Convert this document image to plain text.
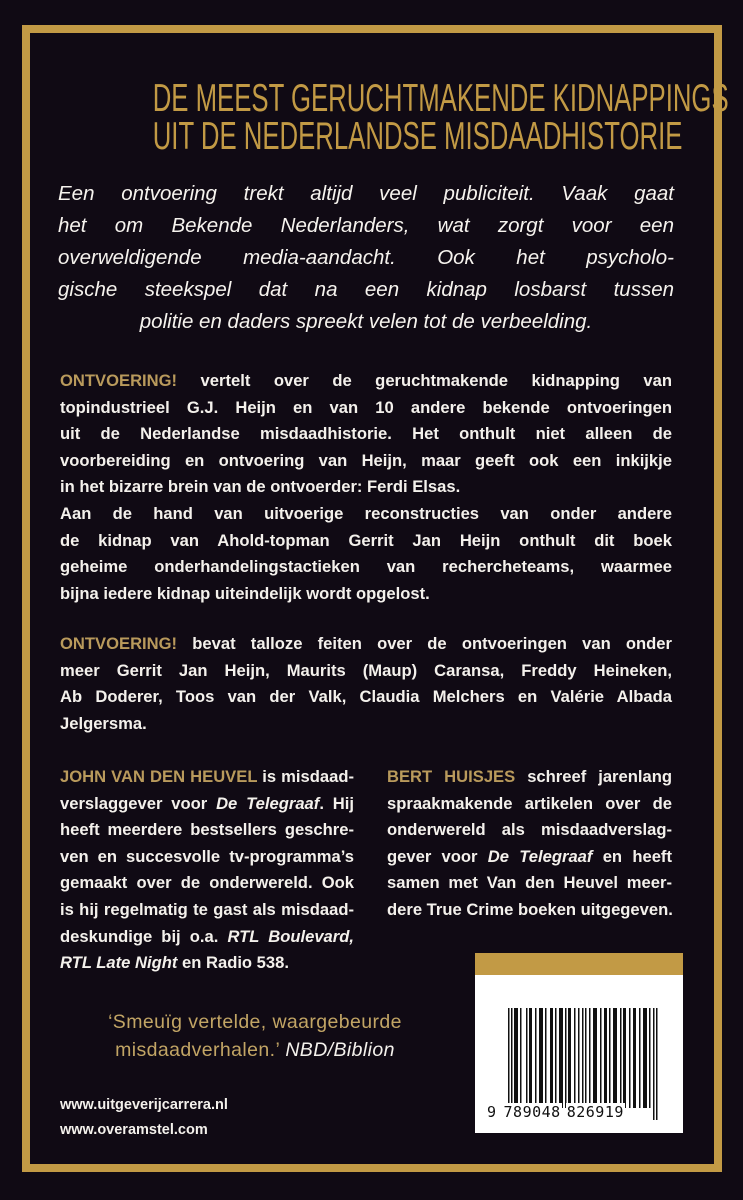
DE MEEST GERUCHTMAKENDE KIDNAPPINGS
UIT DE NEDERLANDSE MISDAADHISTORIE

Een ontvoering trekt altijd veel publiciteit. Vaak gaat
het om Bekende Nederlanders, wat zorgt voor een
overweldigende media-aandacht. Ook het psycholo-
gische steekspel dat na een kidnap losbarst tussen
politie en daders spreekt velen tot de verbeelding.

ONTVOERING! vertelt over de geruchtmakende kidnapping van
topindustrieel G.J. Heijn en van 10 andere bekende ontvoeringen
uit de Nederlandse misdaadhistorie. Het onthult niet alleen de
voorbereiding en ontvoering van Heijn, maar geeft ook een inkijkje
in het bizarre brein van de ontvoerder: Ferdi Elsas.
Aan de hand van uitvoerige reconstructies van onder andere
de kidnap van Ahold-topman Gerrit Jan Heijn onthult dit boek
geheime onderhandelingstactieken van rechercheteams, waarmee
bijna iedere kidnap uiteindelijk wordt opgelost.

ONTVOERING! bevat talloze feiten over de ontvoeringen van onder
meer Gerrit Jan Heijn, Maurits (Maup) Caransa, Freddy Heineken,
Ab Doderer, Toos van der Valk, Claudia Melchers en Valérie Albada
Jelgersma.

JOHN VAN DEN HEUVEL is misdaad-
verslaggever voor De Telegraaf. Hij
heeft meerdere bestsellers geschre-
ven en succesvolle tv-programma’s
gemaakt over de onderwereld. Ook
is hij regelmatig te gast als misdaad-
deskundige bij o.a. RTL Boulevard,
RTL Late Night en Radio 538.
BERT HUISJES schreef jarenlang
spraakmakende artikelen over de
onderwereld als misdaadverslag-
gever voor De Telegraaf en heeft
samen met Van den Heuvel meer-
dere True Crime boeken uitgegeven.

‘Smeuïg vertelde, waargebeurde
misdaadverhalen.’ NBD/Biblion

www.uitgeverijcarrera.nl
www.overamstel.com
9 789048 826919
